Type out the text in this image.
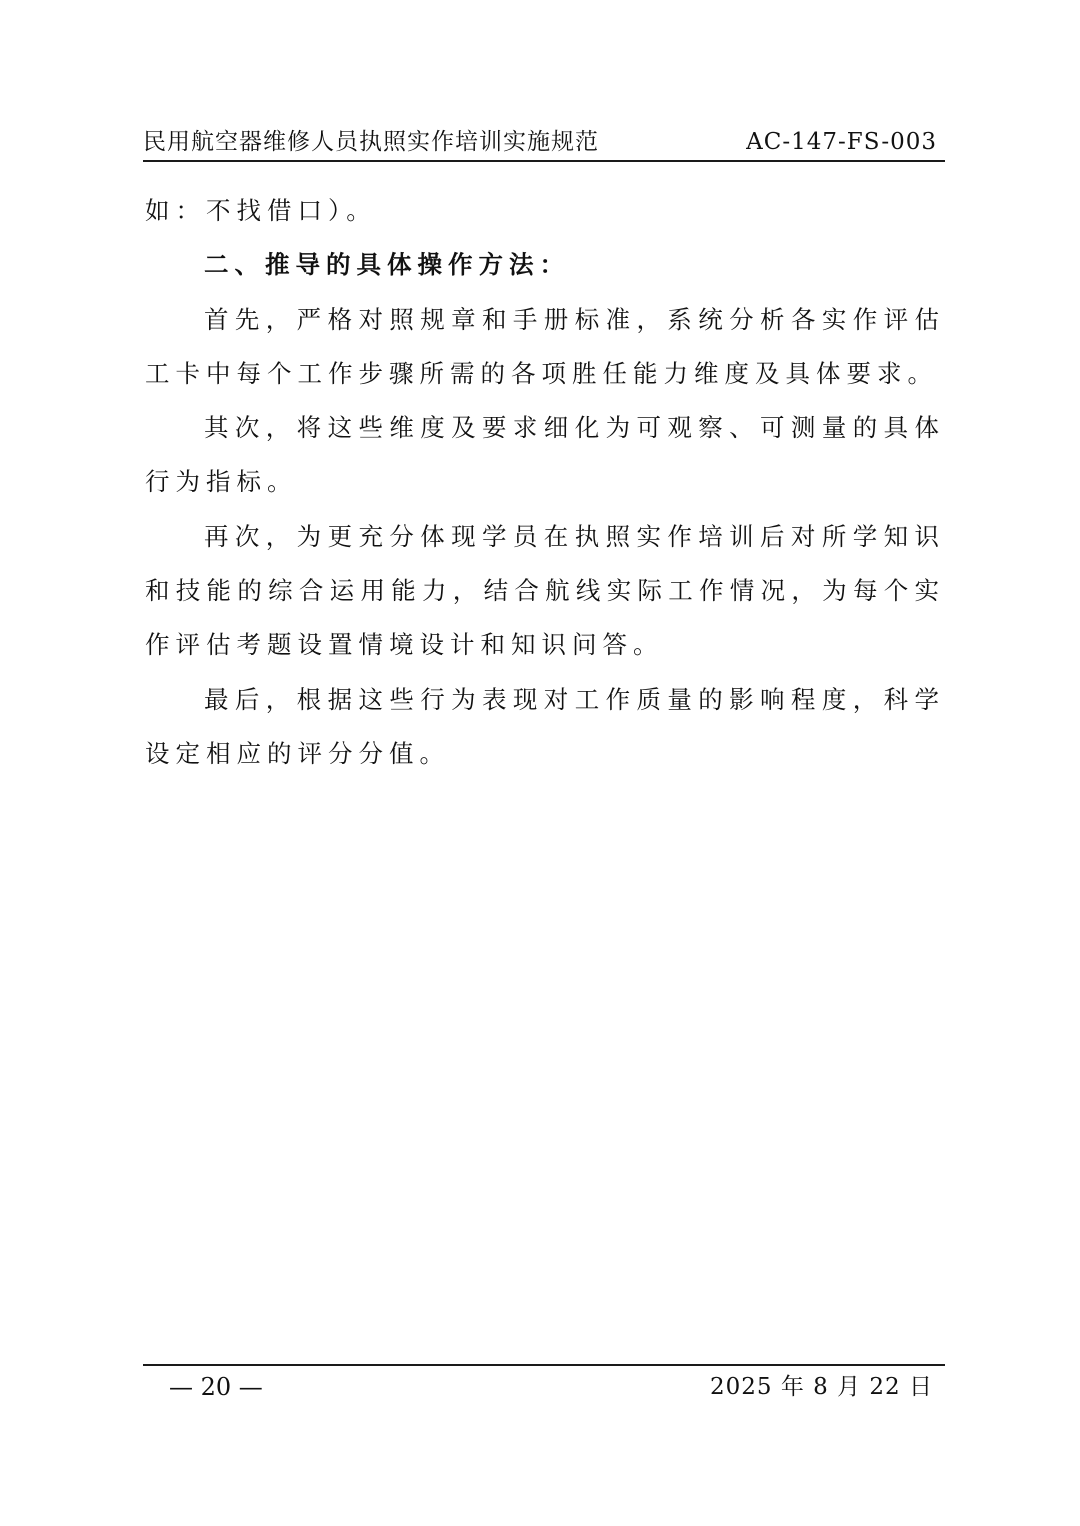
民用航空器维修人员执照实作培训实施规范	AC-147-FS-003

如：不找借口）。

二、推导的具体操作方法：

首先，严格对照规章和手册标准，系统分析各实作评估工卡中每个工作步骤所需的各项胜任能力维度及具体要求。

其次，将这些维度及要求细化为可观察、可测量的具体行为指标。

再次，为更充分体现学员在执照实作培训后对所学知识和技能的综合运用能力，结合航线实际工作情况，为每个实作评估考题设置情境设计和知识问答。

最后，根据这些行为表现对工作质量的影响程度，科学设定相应的评分分值。

— 20 —	2025 年 8 月 22 日
